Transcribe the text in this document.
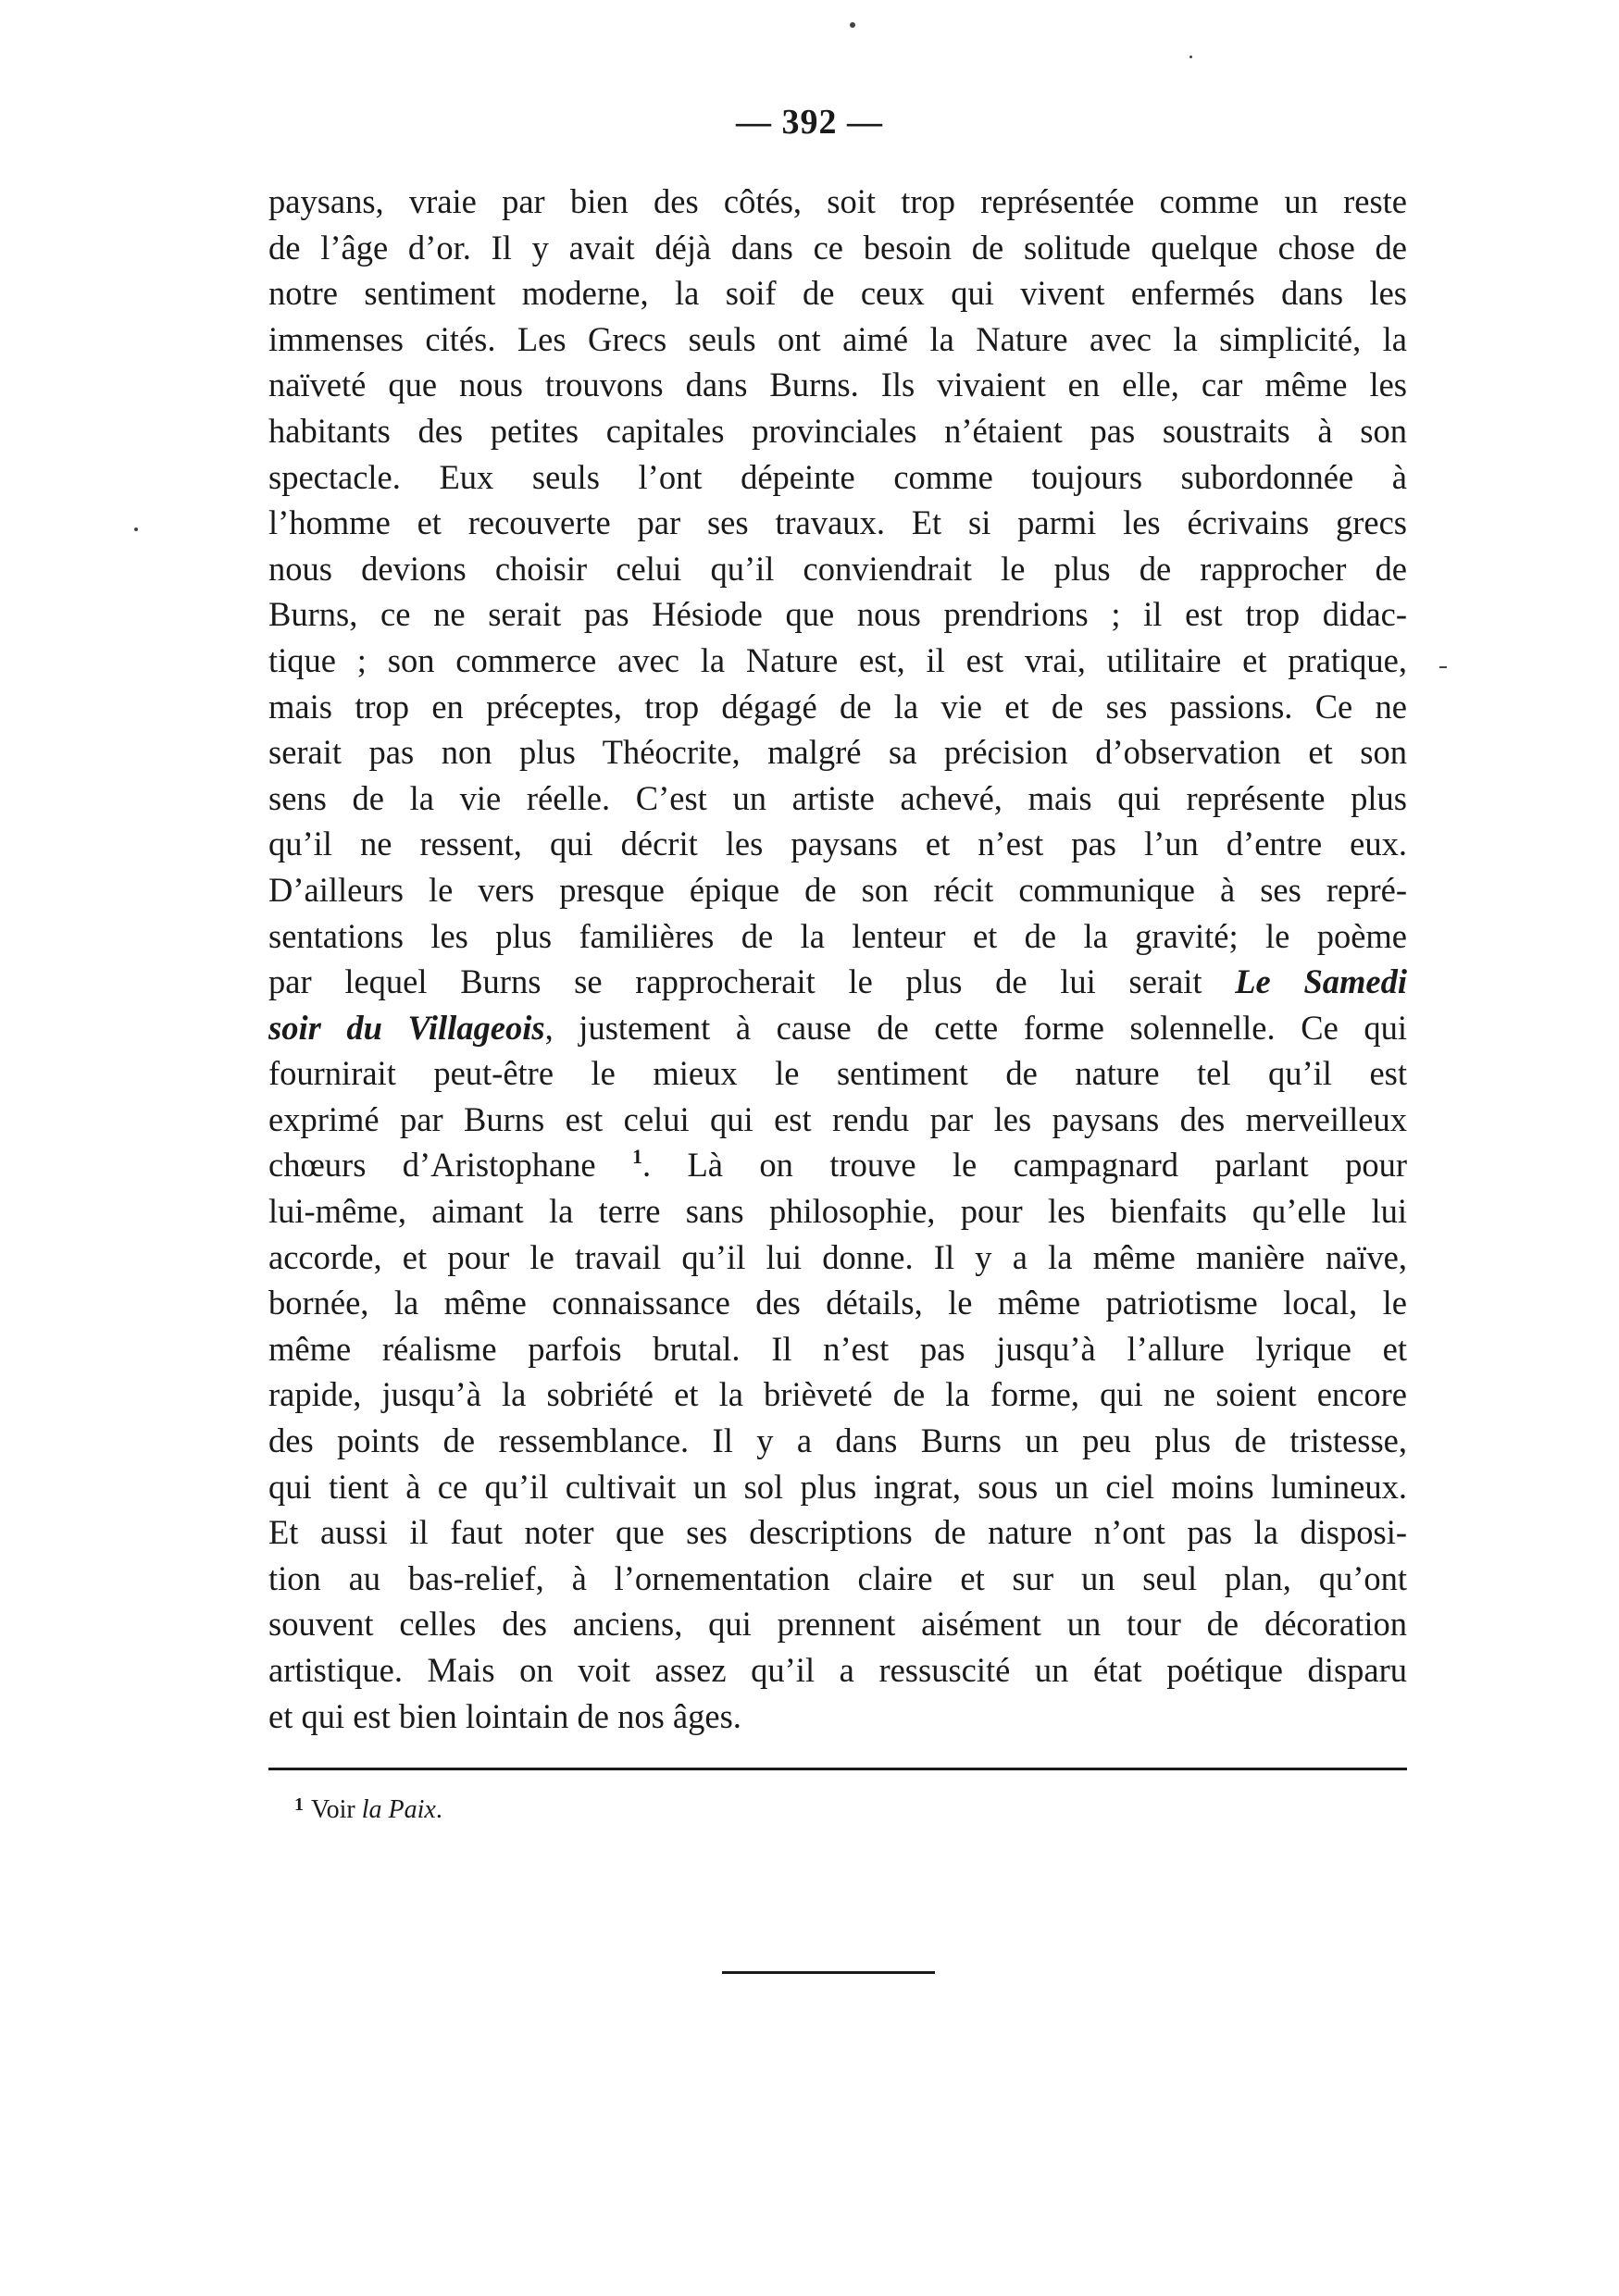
— 392 —
paysans, vraie par bien des côtés, soit trop représentée comme un reste
de l’âge d’or. Il y avait déjà dans ce besoin de solitude quelque chose de
notre sentiment moderne, la soif de ceux qui vivent enfermés dans les
immenses cités. Les Grecs seuls ont aimé la Nature avec la simplicité, la
naïveté que nous trouvons dans Burns. Ils vivaient en elle, car même les
habitants des petites capitales provinciales n’étaient pas soustraits à son
spectacle. Eux seuls l’ont dépeinte comme toujours subordonnée à
l’homme et recouverte par ses travaux. Et si parmi les écrivains grecs
nous devions choisir celui qu’il conviendrait le plus de rapprocher de
Burns, ce ne serait pas Hésiode que nous prendrions ; il est trop didac-
tique ; son commerce avec la Nature est, il est vrai, utilitaire et pratique,
mais trop en préceptes, trop dégagé de la vie et de ses passions. Ce ne
serait pas non plus Théocrite, malgré sa précision d’observation et son
sens de la vie réelle. C’est un artiste achevé, mais qui représente plus
qu’il ne ressent, qui décrit les paysans et n’est pas l’un d’entre eux.
D’ailleurs le vers presque épique de son récit communique à ses repré-
sentations les plus familières de la lenteur et de la gravité; le poème
par lequel Burns se rapprocherait le plus de lui serait Le Samedi
soir du Villageois, justement à cause de cette forme solennelle. Ce qui
fournirait peut-être le mieux le sentiment de nature tel qu’il est
exprimé par Burns est celui qui est rendu par les paysans des merveilleux
chœurs d’Aristophane $^1$. Là on trouve le campagnard parlant pour
lui-même, aimant la terre sans philosophie, pour les bienfaits qu’elle lui
accorde, et pour le travail qu’il lui donne. Il y a la même manière naïve,
bornée, la même connaissance des détails, le même patriotisme local, le
même réalisme parfois brutal. Il n’est pas jusqu’à l’allure lyrique et
rapide, jusqu’à la sobriété et la brièveté de la forme, qui ne soient encore
des points de ressemblance. Il y a dans Burns un peu plus de tristesse,
qui tient à ce qu’il cultivait un sol plus ingrat, sous un ciel moins lumineux.
Et aussi il faut noter que ses descriptions de nature n’ont pas la disposi-
tion au bas-relief, à l’ornementation claire et sur un seul plan, qu’ont
souvent celles des anciens, qui prennent aisément un tour de décoration
artistique. Mais on voit assez qu’il a ressuscité un état poétique disparu
et qui est bien lointain de nos âges.
$^1$ Voir la Paix.
